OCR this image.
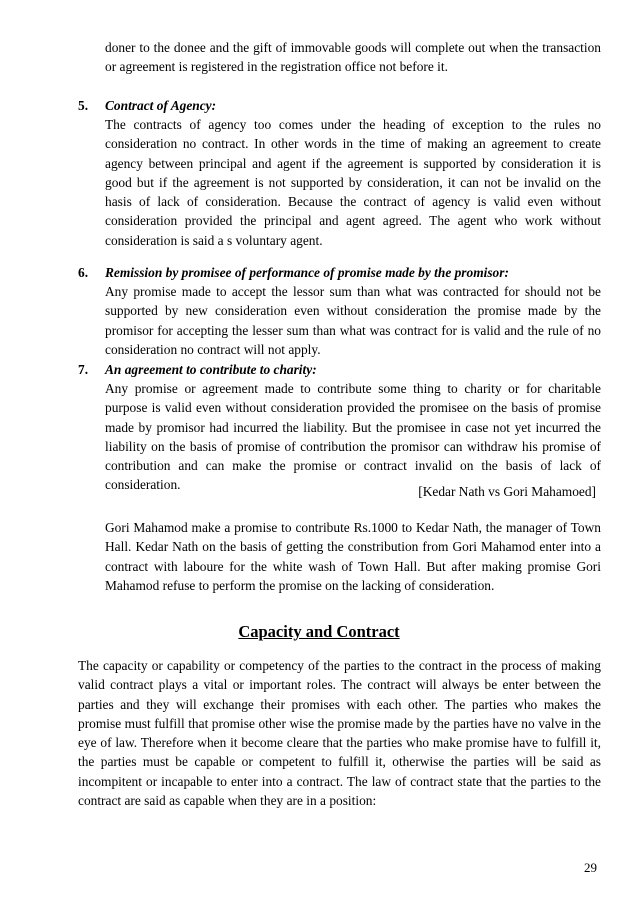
doner to the donee and the gift of immovable goods will complete out when the transaction or agreement is registered in the registration office not before it.
5. Contract of Agency:
The contracts of agency too comes under the heading of exception to the rules no consideration no contract. In other words in the time of making an agreement to create agency between principal and agent if the agreement is supported by consideration it is good but if the agreement is not supported by consideration, it can not be invalid on the hasis of lack of consideration. Because the contract of agency is valid even without consideration provided the principal and agent agreed. The agent who work without consideration is said a s voluntary agent.
6. Remission by promisee of performance of promise made by the promisor:
Any promise made to accept the lessor sum than what was contracted for should not be supported by new consideration even without consideration the promise made by the promisor for accepting the lesser sum than what was contract for is valid and the rule of no consideration no contract will not apply.
7. An agreement to contribute to charity:
Any promise or agreement made to contribute some thing to charity or for charitable purpose is valid even without consideration provided the promisee on the basis of promise made by promisor had incurred the liability. But the promisee in case not yet incurred the liability on the basis of promise of contribution the promisor can withdraw his promise of contribution and can make the promise or contract invalid on the basis of lack of consideration.	[Kedar Nath vs Gori Mahamoed]
Gori Mahamod make a promise to contribute Rs.1000 to Kedar Nath, the manager of Town Hall. Kedar Nath on the basis of getting the constribution from Gori Mahamod enter into a contract with laboure for the white wash of Town Hall. But after making promise Gori Mahamod refuse to perform the promise on the lacking of consideration.
Capacity and Contract
The capacity or capability or competency of the parties to the contract in the process of making valid contract plays a vital or important roles. The contract will always be enter between the parties and they will exchange their promises with each other. The parties who makes the promise must fulfill that promise other wise the promise made by the parties have no valve in the eye of law. Therefore when it become cleare that the parties who make promise have to fulfill it, the parties must be capable or competent to fulfill it, otherwise the parties will be said as incompitent or incapable to enter into a contract. The law of contract state that the parties to the contract are said as capable when they are in a position:
29
